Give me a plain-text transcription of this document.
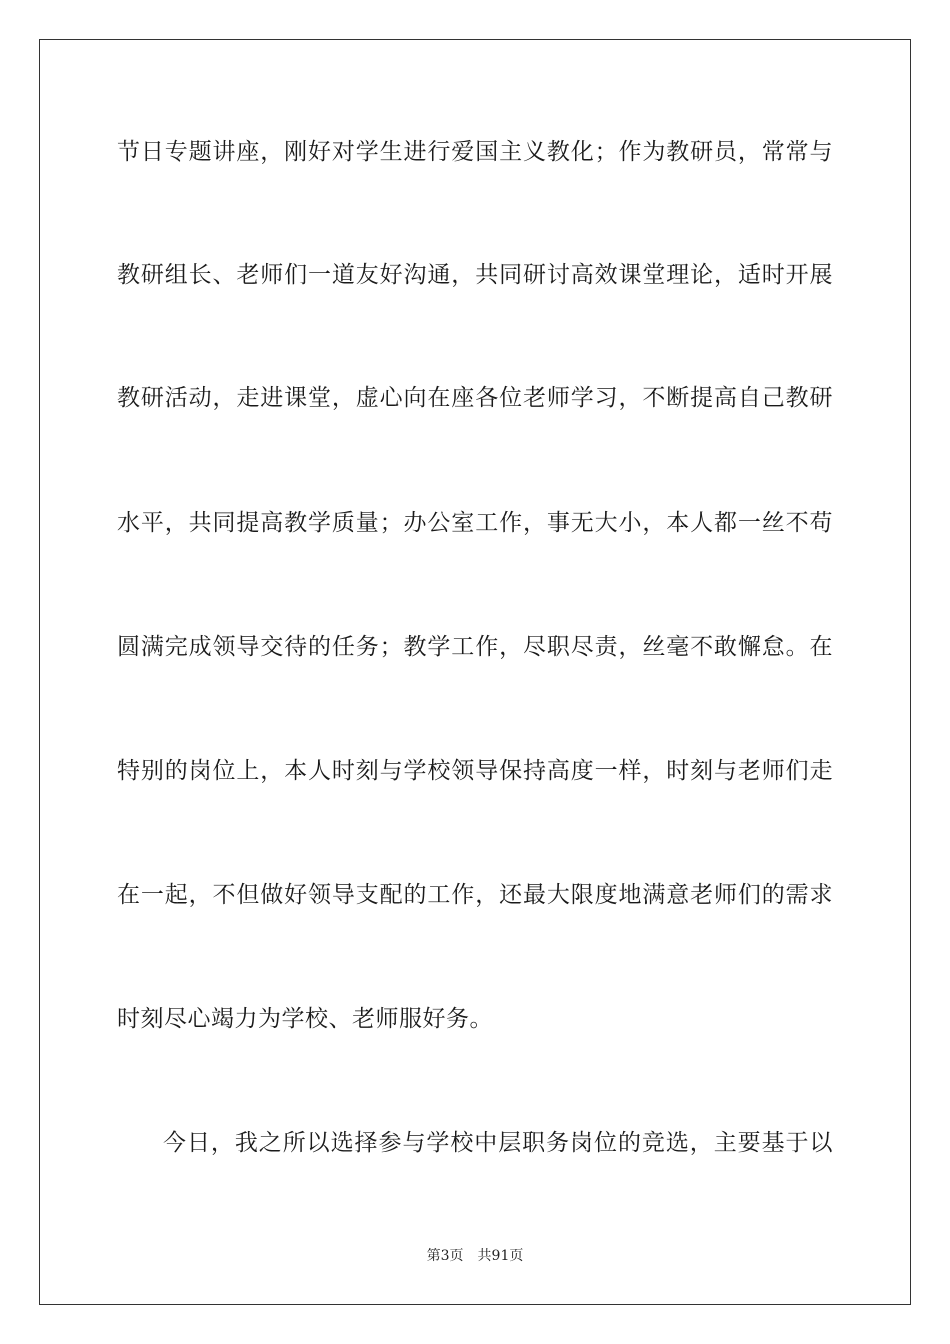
节日专题讲座，刚好对学生进行爱国主义教化；作为教研员，常常与
教研组长、老师们一道友好沟通，共同研讨高效课堂理论，适时开展
教研活动，走进课堂，虚心向在座各位老师学习，不断提高自己教研
水平，共同提高教学质量；办公室工作，事无大小，本人都一丝不苟
圆满完成领导交待的任务；教学工作，尽职尽责，丝毫不敢懈怠。在
特别的岗位上，本人时刻与学校领导保持高度一样，时刻与老师们走
在一起，不但做好领导支配的工作，还最大限度地满意老师们的需求
时刻尽心竭力为学校、老师服好务。
今日，我之所以选择参与学校中层职务岗位的竞选，主要基于以
第3页 共91页
